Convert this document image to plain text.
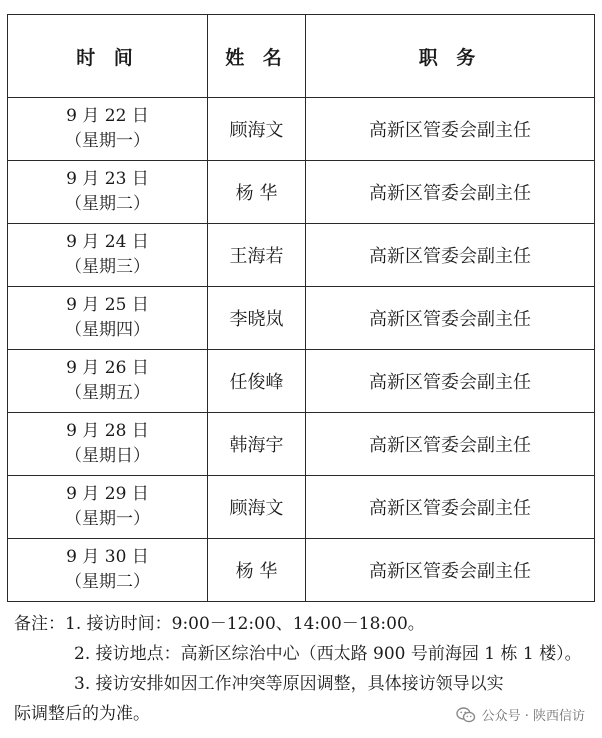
时 间	姓 名	职 务

9 月 22 日
（星期一）	顾海文	高新区管委会副主任

9 月 23 日
（星期二）	杨 华	高新区管委会副主任

9 月 24 日
（星期三）	王海若	高新区管委会副主任

9 月 25 日
（星期四）	李晓岚	高新区管委会副主任

9 月 26 日
（星期五）	任俊峰	高新区管委会副主任

9 月 28 日
（星期日）	韩海宇	高新区管委会副主任

9 月 29 日
（星期一）	顾海文	高新区管委会副主任

9 月 30 日
（星期二）	杨 华	高新区管委会副主任

备注：1. 接访时间：9:00－12:00、14:00－18:00。

2. 接访地点：高新区综治中心（西太路 900 号前海园 1 栋 1 楼）。

3. 接访安排如因工作冲突等原因调整，具体接访领导以实

际调整后的为准。	公众号 · 陕西信访
